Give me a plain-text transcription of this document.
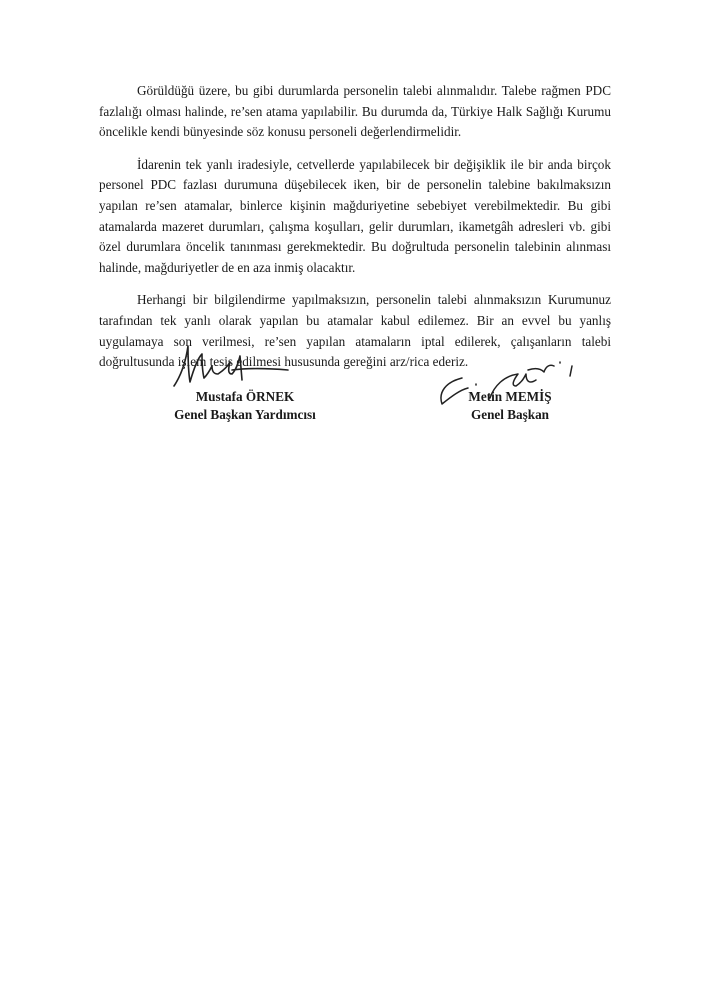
Görüldüğü üzere, bu gibi durumlarda personelin talebi alınmalıdır. Talebe rağmen PDC fazlalığı olması halinde, re’sen atama yapılabilir. Bu durumda da, Türkiye Halk Sağlığı Kurumu öncelikle kendi bünyesinde söz konusu personeli değerlendirmelidir.

İdarenin tek yanlı iradesiyle, cetvellerde yapılabilecek bir değişiklik ile bir anda birçok personel PDC fazlası durumuna düşebilecek iken, bir de personelin talebine bakılmaksızın yapılan re’sen atamalar, binlerce kişinin mağduriyetine sebebiyet verebilmektedir. Bu gibi atamalarda mazeret durumları, çalışma koşulları, gelir durumları, ikametgâh adresleri vb. gibi özel durumlara öncelik tanınması gerekmektedir. Bu doğrultuda personelin talebinin alınması halinde, mağduriyetler de en aza inmiş olacaktır.

Herhangi bir bilgilendirme yapılmaksızın, personelin talebi alınmaksızın Kurumunuz tarafından tek yanlı olarak yapılan bu atamalar kabul edilemez. Bir an evvel bu yanlış uygulamaya son verilmesi, re’sen yapılan atamaların iptal edilerek, çalışanların talebi doğrultusunda işlem tesis edilmesi hususunda gereğini arz/rica ederiz.

Mustafa ÖRNEK
Genel Başkan Yardımcısı
Metin MEMİŞ
Genel Başkan
